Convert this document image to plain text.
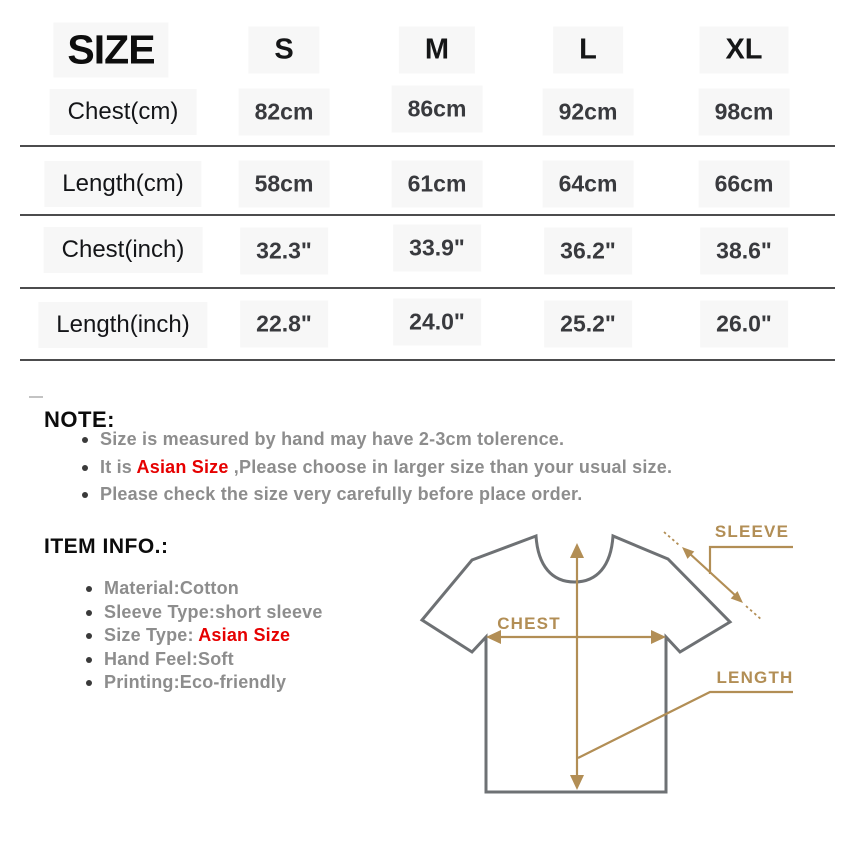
SIZE	S	M	L	XL
Chest(cm)	82cm	86cm	92cm	98cm
Length(cm)	58cm	61cm	64cm	66cm
Chest(inch)	32.3"	33.9"	36.2"	38.6"
Length(inch)	22.8"	24.0"	25.2"	26.0"
NOTE:
Size is measured by hand may have 2-3cm tolerence.
It is Asian Size ,Please choose in larger size than your usual size.
Please check the size very carefully before place order.
ITEM INFO.:
Material:Cotton
Sleeve Type:short sleeve
Size Type: Asian Size
Hand Feel:Soft
Printing:Eco-friendly
CHEST
SLEEVE
LENGTH
